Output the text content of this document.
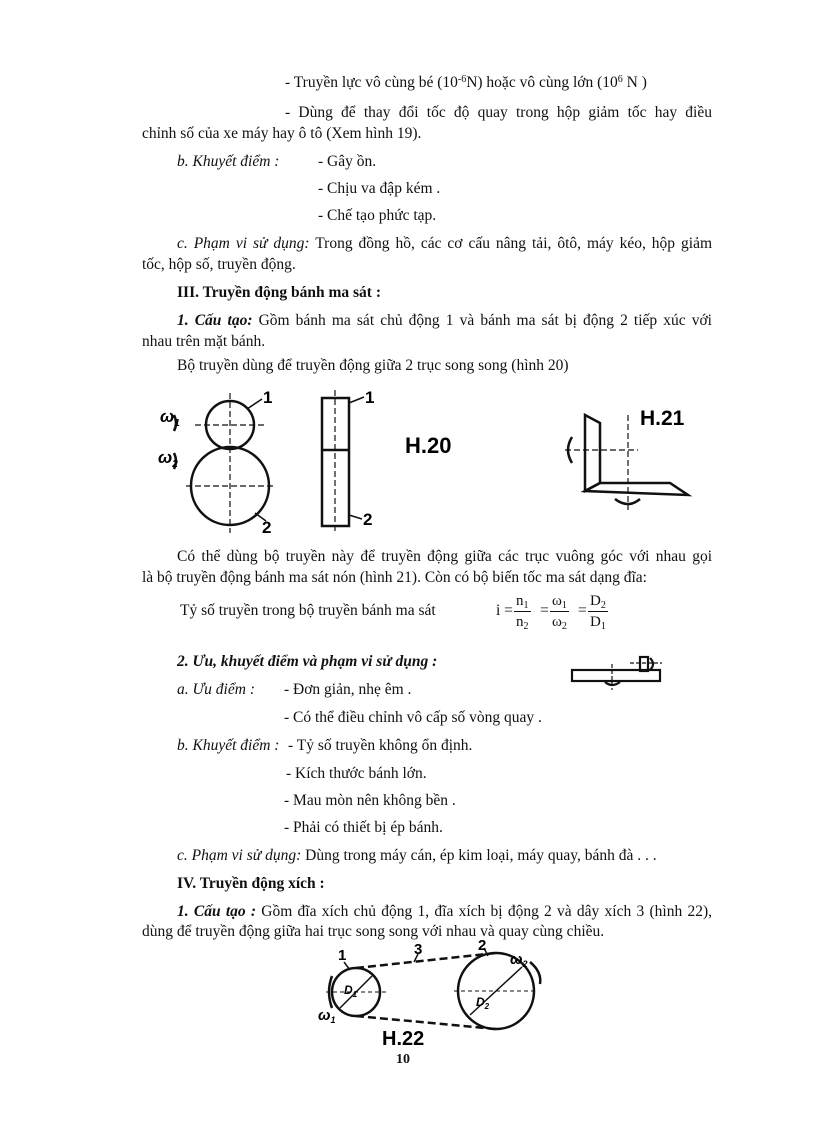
- Truyền lực vô cùng bé $(10^{-6}N)$ hoặc vô cùng lớn ($10^6$ N )
- Dùng để thay đổi tốc độ quay trong hộp giảm tốc hay điều
chỉnh số của xe máy hay ô tô (Xem hình 19).
b. Khuyết điểm : - Gây ồn.
- Chịu va đập kém .
- Chế tạo phức tạp.
c. Phạm vi sử dụng: Trong đồng hồ, các cơ cấu nâng tải, ôtô, máy kéo, hộp giảm
tốc, hộp số, truyền động.
III. Truyền động bánh ma sát :
1. Cấu tạo: Gồm bánh ma sát chủ động 1 và bánh ma sát bị động 2 tiếp xúc với
nhau trên mặt bánh.
Bộ truyền dùng để truyền động giữa 2 trục song song (hình 20)
$\omega_1$
$\omega_2$
1
2
1
2
H.20
H.21
Có thể dùng bộ truyền này để truyền động giữa các trục vuông góc với nhau gọi
là bộ truyền động bánh ma sát nón (hình 21). Còn có bộ biến tốc ma sát dạng đĩa:
Tỷ số truyền trong bộ truyền bánh ma sát	$i = \frac{n_1}{n_2} = \frac{\omega_1}{\omega_2} = \frac{D_2}{D_1}$
2. Ưu, khuyết điểm và phạm vi sử dụng :
a. Ưu điểm : - Đơn giản, nhẹ êm .
- Có thể điều chỉnh vô cấp số vòng quay .
b. Khuyết điểm : - Tỷ số truyền không ổn định.
- Kích thước bánh lớn.
- Mau mòn nên không bền .
- Phải có thiết bị ép bánh.
c. Phạm vi sử dụng: Dùng trong máy cán, ép kim loại, máy quay, bánh đà . . .
IV. Truyền động xích :
1. Cấu tạo : Gồm đĩa xích chủ động 1, đĩa xích bị động 2 và dây xích 3 (hình 22),
dùng để truyền động giữa hai trục song song với nhau và quay cùng chiều.
1	3	2
$D_1$
$D_2$
$\omega_1$
$\omega_2$
H.22
10
